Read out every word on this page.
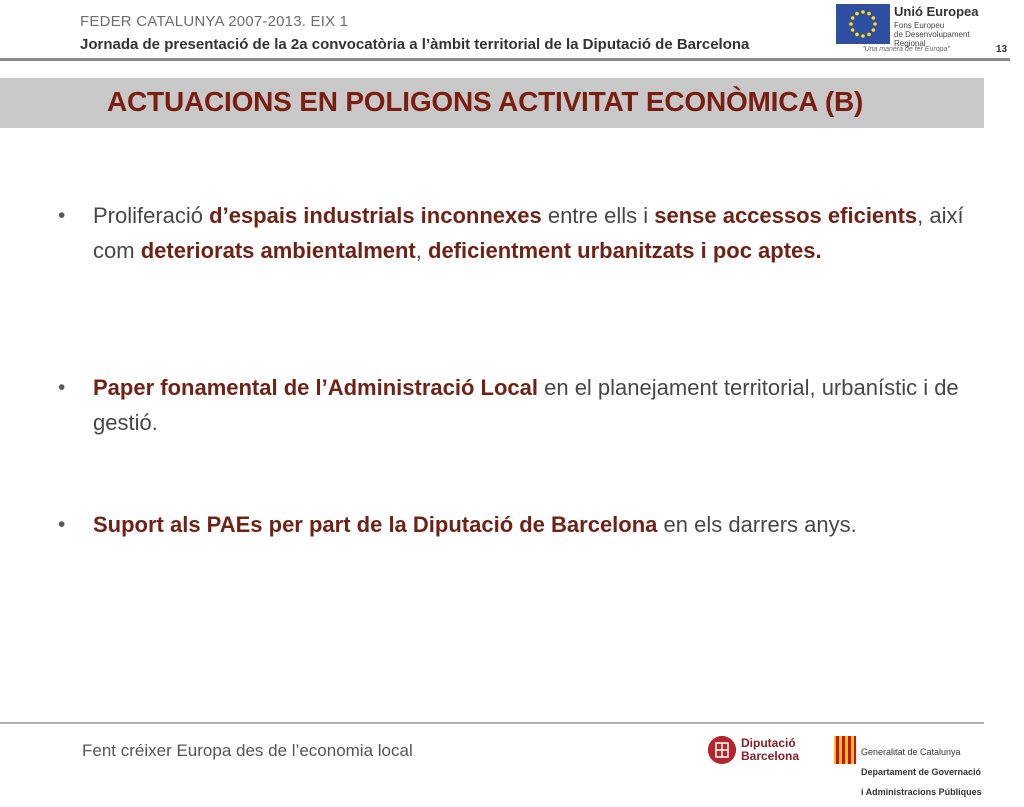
FEDER CATALUNYA 2007-2013. EIX 1
Jornada de presentació de la 2a convocatòria a l’àmbit territorial de la Diputació de Barcelona
Unió Europea
Fons Europeu
de Desenvolupament
Regional
"Una manera de fer Europa"	13
ACTUACIONS EN POLIGONS ACTIVITAT ECONÒMICA (B)
• Proliferació d’espais industrials inconnexes entre ells i sense accessos eficients, així com deteriorats ambientalment, deficientment urbanitzats i poc aptes.
• Paper fonamental de l’Administració Local en el planejament territorial, urbanístic i de gestió.
• Suport als PAEs per part de la Diputació de Barcelona en els darrers anys.
Fent créixer Europa des de l’economia local	Diputació
Barcelona	Generalitat de Catalunya

Departament de Governació

i Administracions Públiques
